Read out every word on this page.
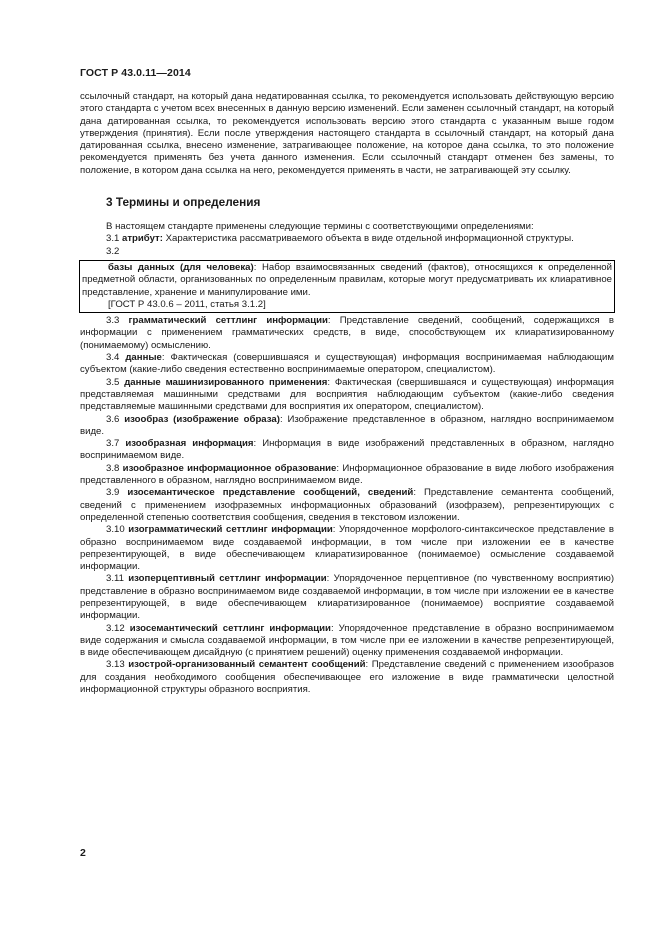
ГОСТ Р 43.0.11—2014

ссылочный стандарт, на который дана недатированная ссылка, то рекомендуется использовать действующую версию этого стандарта с учетом всех внесенных в данную версию изменений. Если заменен ссылочный стандарт, на который дана датированная ссылка, то рекомендуется использовать версию этого стандарта с указанным выше годом утверждения (принятия). Если после утверждения настоящего стандарта в ссылочный стандарт, на который дана датированная ссылка, внесено изменение, затрагивающее положение, на которое дана ссылка, то это положение рекомендуется применять без учета данного изменения. Если ссылочный стандарт отменен без замены, то положение, в котором дана ссылка на него, рекомендуется применять в части, не затрагивающей эту ссылку.

3 Термины и определения

В настоящем стандарте применены следующие термины с соответствующими определениями:

3.1 атрибут: Характеристика рассматриваемого объекта в виде отдельной информационной структуры.

3.2

базы данных (для человека): Набор взаимосвязанных сведений (фактов), относящихся к определенной предметной области, организованных по определенным правилам, которые могут предусматривать их клиаративное представление, хранение и манипулирование ими.

[ГОСТ Р 43.0.6 – 2011, статья 3.1.2]

3.3 грамматический сеттлинг информации: Представление сведений, сообщений, содержащихся в информации с применением грамматических средств, в виде, способствующем их клиаратизированному (понимаемому) осмыслению.

3.4 данные: Фактическая (совершившаяся и существующая) информация воспринимаемая наблюдающим субъектом (какие-либо сведения естественно воспринимаемые оператором, специалистом).

3.5 данные машинизированного применения: Фактическая (свершившаяся и существующая) информация представляемая машинными средствами для восприятия наблюдающим субъектом (какие-либо сведения представляемые машинными средствами для восприятия их оператором, специалистом).

3.6 изообраз (изображение образа): Изображение представленное в образном, наглядно воспринимаемом виде.

3.7 изообразная информация: Информация в виде изображений представленных в образном, наглядно воспринимаемом виде.

3.8 изообразное информационное образование: Информационное образование в виде любого изображения представленного в образном, наглядно воспринимаемом виде.

3.9 изосемантическое представление сообщений, сведений: Представление семантента сообщений, сведений с применением изофраземных информационных образований (изофразем), репрезентирующих с определенной степенью соответствия сообщения, сведения в текстовом изложении.

3.10 изограмматический сеттлинг информации: Упорядоченное морфолого-синтаксическое представление в образно воспринимаемом виде создаваемой информации, в том числе при изложении ее в качестве репрезентирующей, в виде обеспечивающем клиаратизированное (понимаемое) осмысление создаваемой информации.

3.11 изоперцептивный сеттлинг информации: Упорядоченное перцептивное (по чувственному восприятию) представление в образно воспринимаемом виде создаваемой информации, в том числе при изложении ее в качестве репрезентирующей, в виде обеспечивающем клиаратизированное (понимаемое) восприятие создаваемой информации.

3.12 изосемантический сеттлинг информации: Упорядоченное представление в образно воспринимаемом виде содержания и смысла создаваемой информации, в том числе при ее изложении в качестве репрезентирующей, в виде обеспечивающем дисайдную (с принятием решений) оценку применения создаваемой информации.

3.13 изострой-организованный семантент сообщений: Представление сведений с применением изообразов для создания необходимого сообщения обеспечивающее его изложение в виде грамматически целостной информационной структуры образного восприятия.

2
